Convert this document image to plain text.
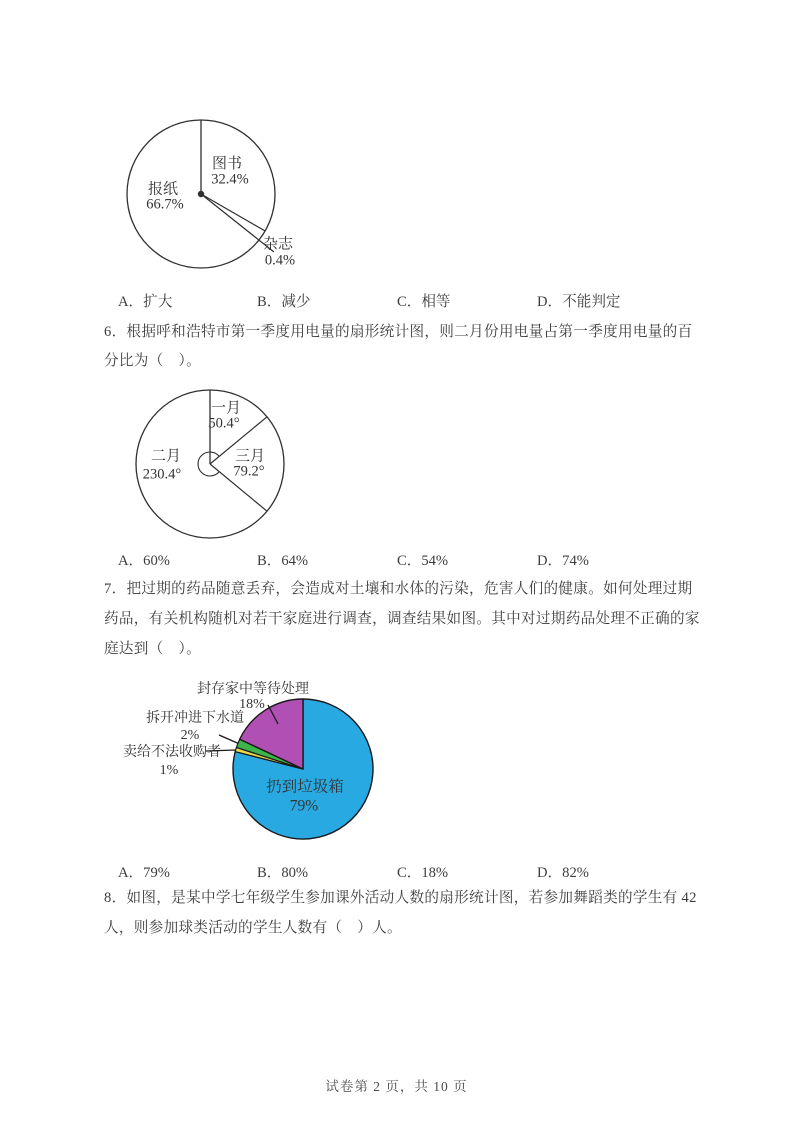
图书
32.4%
报纸
66.7%
杂志
0.4%
A．扩大	B．减少	C．相等	D．不能判定
6．根据呼和浩特市第一季度用电量的扇形统计图，则二月份用电量占第一季度用电量的百
分比为（　）。
一月
50.4°
三月
79.2°
二月
230.4°
A．60%	B．64%	C．54%	D．74%
7．把过期的药品随意丢弃，会造成对土壤和水体的污染，危害人们的健康。如何处理过期
药品，有关机构随机对若干家庭进行调查，调查结果如图。其中对过期药品处理不正确的家
庭达到（　）。
封存家中等待处理
18%
拆开冲进下水道
2%
卖给不法收购者
1%
扔到垃圾箱
79%
A．79%	B．80%	C．18%	D．82%
8．如图，是某中学七年级学生参加课外活动人数的扇形统计图，若参加舞蹈类的学生有 42
人，则参加球类活动的学生人数有（　）人。
试卷第 2 页，共 10 页
